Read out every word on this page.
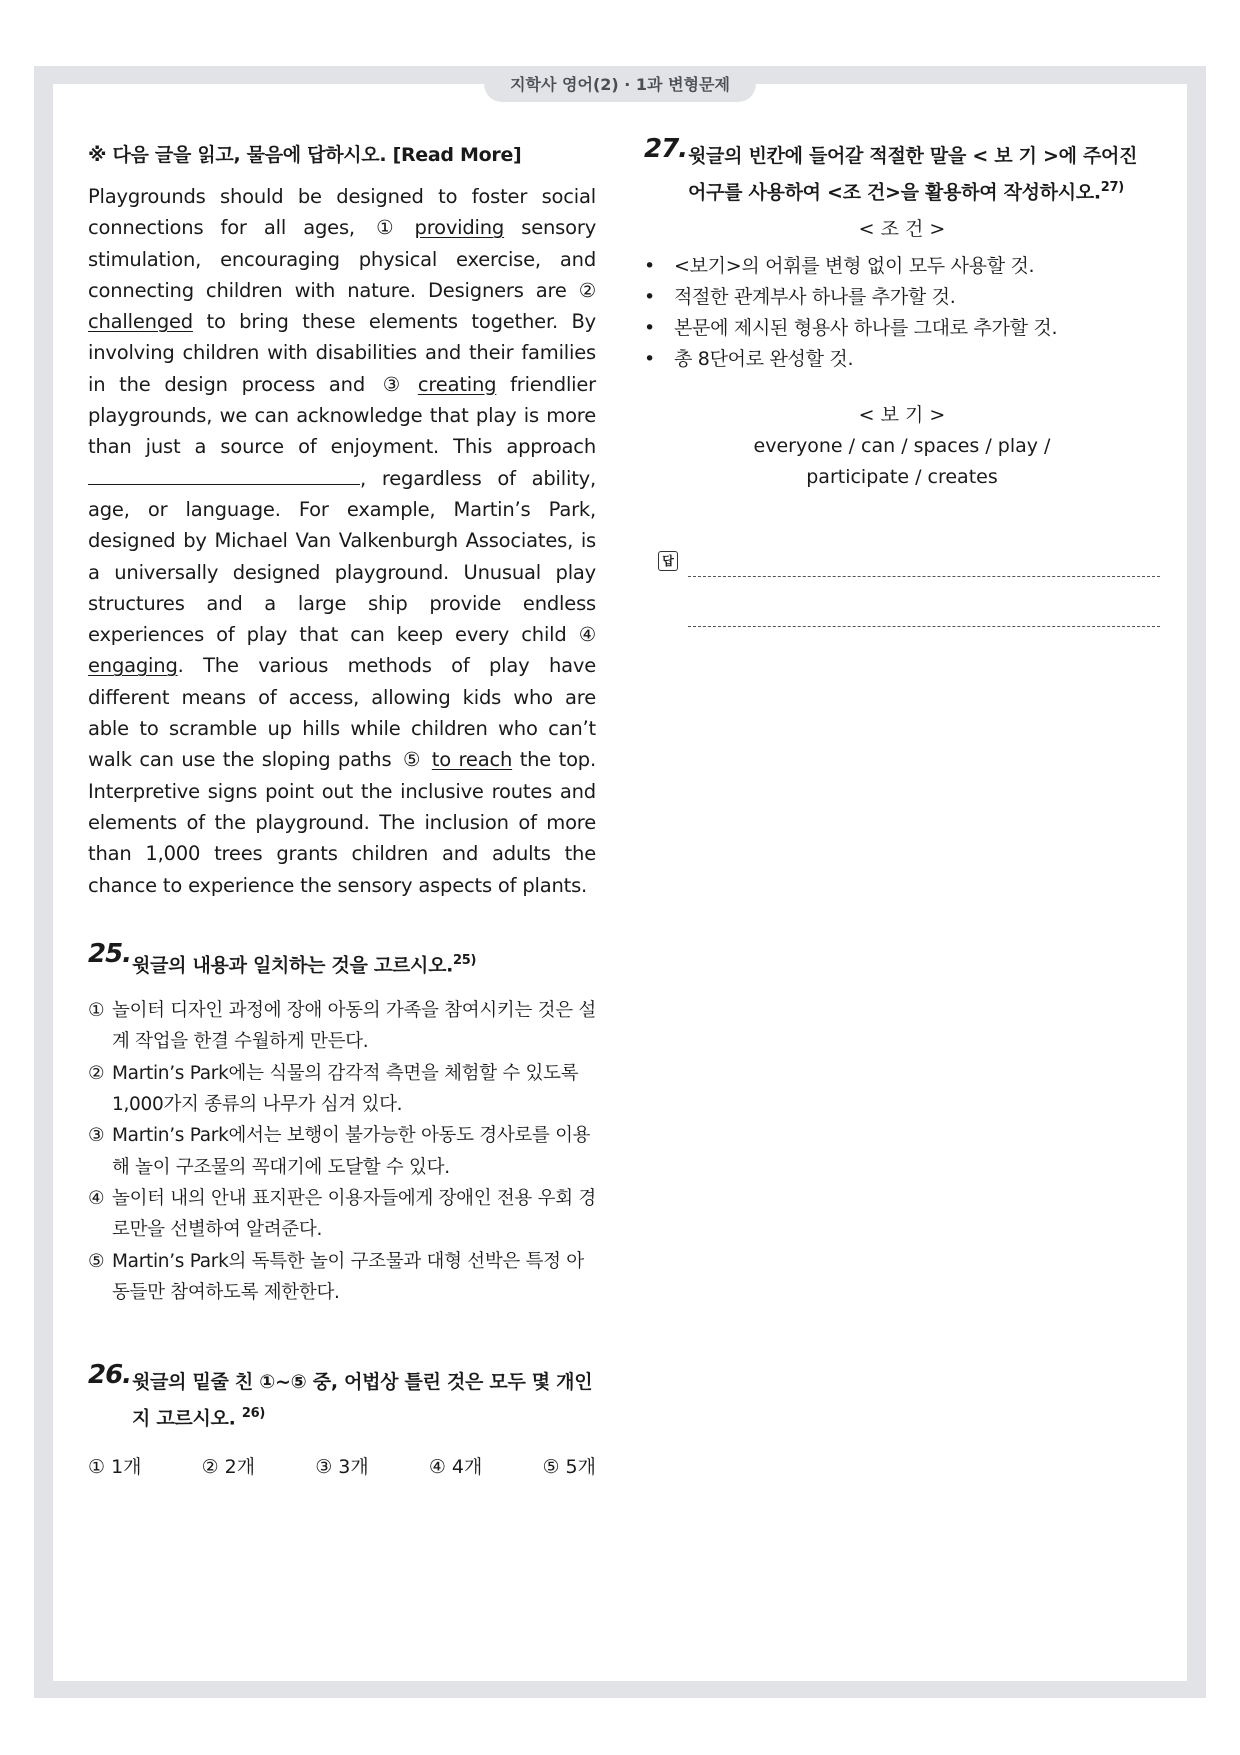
지학사 영어(2) · 1과 변형문제
※ 다음 글을 읽고, 물음에 답하시오. [Read More]

Playgrounds should be designed to foster social connections for all ages, ① providing sensory stimulation, encouraging physical exercise, and connecting children with nature. Designers are ② challenged to bring these elements together. By involving children with disabilities and their families in the design process and ③ creating friendlier playgrounds, we can acknowledge that play is more than just a source of enjoyment. This approach , regardless of ability, age, or language. For example, Martin’s Park, designed by Michael Van Valkenburgh Associates, is a universally designed playground. Unusual play structures and a large ship provide endless experiences of play that can keep every child ④ engaging. The various methods of play have different means of access, allowing kids who are able to scramble up hills while children who can’t walk can use the sloping paths ⑤ to reach the top. Interpretive signs point out the inclusive routes and elements of the playground. The inclusion of more than 1,000 trees grants children and adults the chance to experience the sensory aspects of plants.

25. 윗글의 내용과 일치하는 것을 고르시오.$^{25)}$
① 놀이터 디자인 과정에 장애 아동의 가족을 참여시키는 것은 설계 작업을 한결 수월하게 만든다.
② Martin’s Park에는 식물의 감각적 측면을 체험할 수 있도록 1,000가지 종류의 나무가 심겨 있다.
③ Martin’s Park에서는 보행이 불가능한 아동도 경사로를 이용해 놀이 구조물의 꼭대기에 도달할 수 있다.
④ 놀이터 내의 안내 표지판은 이용자들에게 장애인 전용 우회 경로만을 선별하여 알려준다.
⑤ Martin’s Park의 독특한 놀이 구조물과 대형 선박은 특정 아동들만 참여하도록 제한한다.
26. 윗글의 밑줄 친 ①~⑤ 중, 어법상 틀린 것은 모두 몇 개인지 고르시오. $^{26)}$
① 1개	② 2개	③ 3개	④ 4개	⑤ 5개
27. 윗글의 빈칸에 들어갈 적절한 말을 < 보 기 >에 주어진 어구를 사용하여 <조 건>을 활용하여 작성하시오.$^{27)}$
< 조 건 >
• <보기>의 어휘를 변형 없이 모두 사용할 것.
• 적절한 관계부사 하나를 추가할 것.
• 본문에 제시된 형용사 하나를 그대로 추가할 것.
• 총 8단어로 완성할 것.
< 보 기 >
everyone / can / spaces / play /
participate / creates
답
